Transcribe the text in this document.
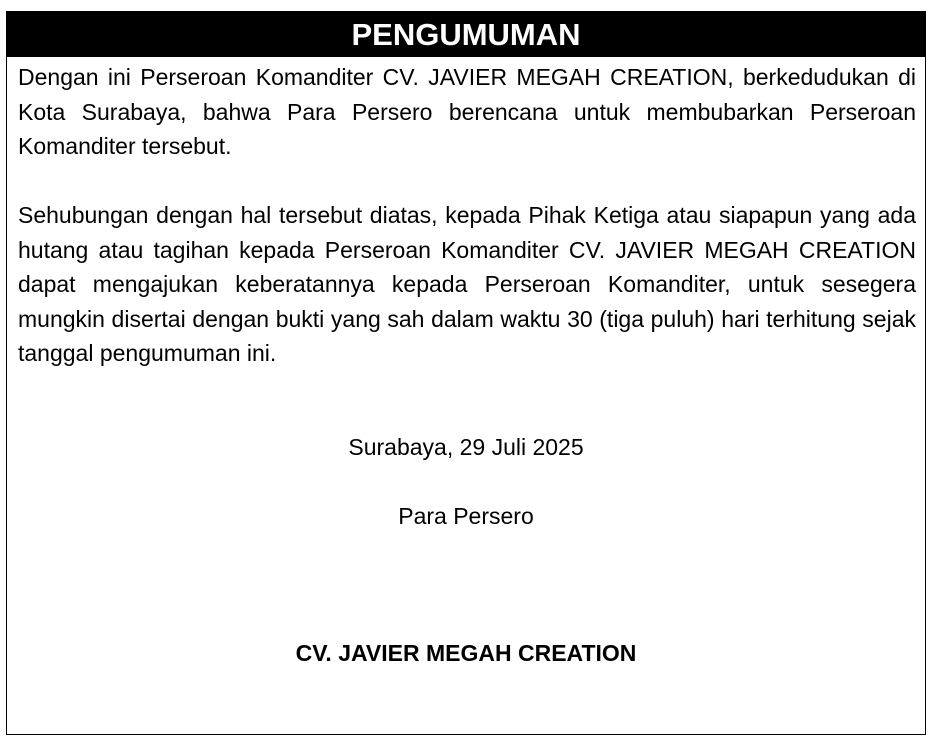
PENGUMUMAN

Dengan ini Perseroan Komanditer CV. JAVIER MEGAH CREATION, berkedudukan di Kota Surabaya, bahwa Para Persero berencana untuk membubarkan Perseroan Komanditer tersebut.

Sehubungan dengan hal tersebut diatas, kepada Pihak Ketiga atau siapapun yang ada hutang atau tagihan kepada Perseroan Komanditer CV. JAVIER MEGAH CREATION dapat mengajukan keberatannya kepada Perseroan Komanditer, untuk sesegera mungkin disertai dengan bukti yang sah dalam waktu 30 (tiga puluh) hari terhitung sejak tanggal pengumuman ini.

Surabaya, 29 Juli 2025
Para Persero
CV. JAVIER MEGAH CREATION
